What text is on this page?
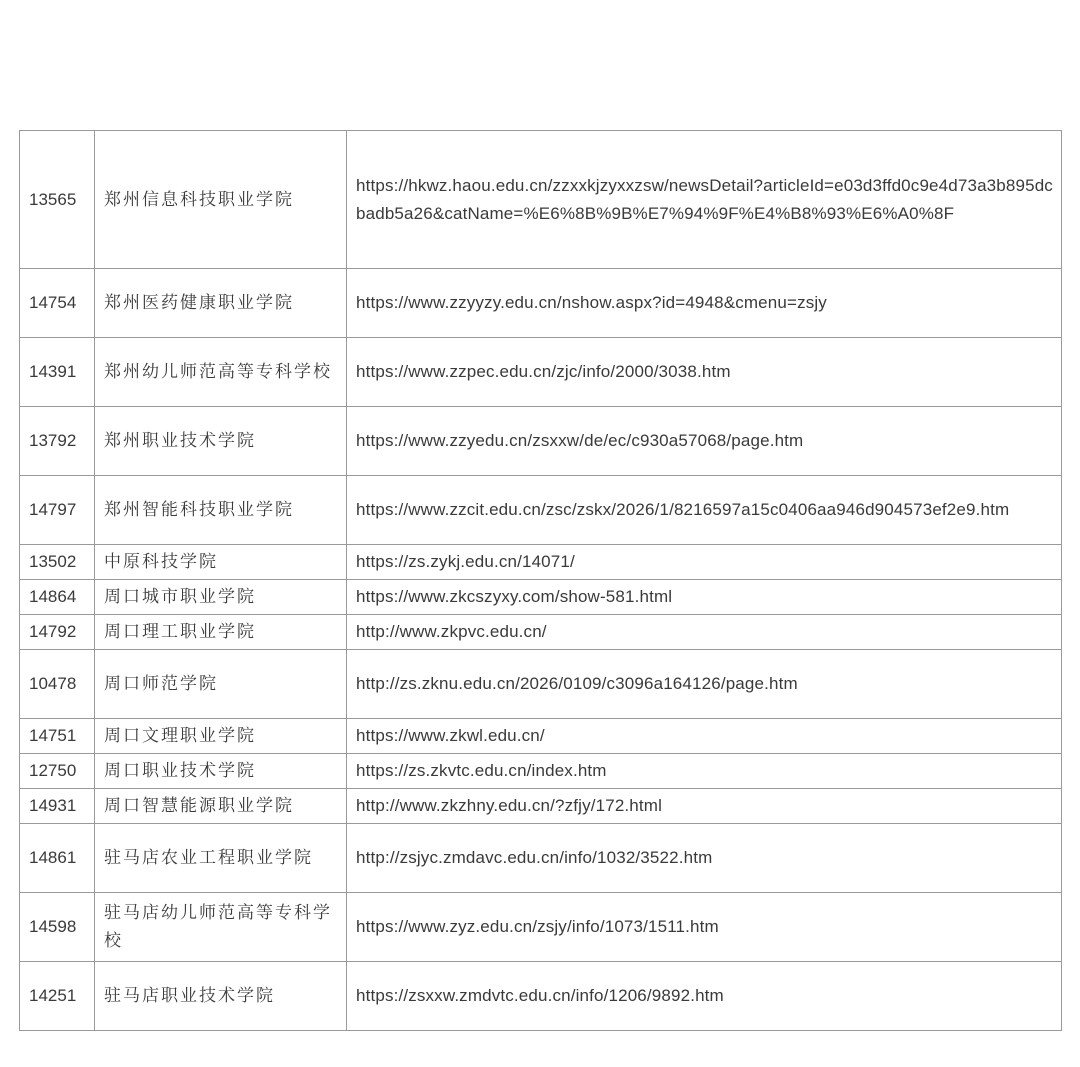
13565	郑州信息科技职业学院	https://hkwz.haou.edu.cn/zzxxkjzyxxzsw/newsDetail?articleId=e03d3ffd0c9e4d73a3b895dcbadb5a26&catName=%E6%8B%9B%E7%94%9F%E4%B8%93%E6%A0%8F
14754	郑州医药健康职业学院	https://www.zzyyzy.edu.cn/nshow.aspx?id=4948&cmenu=zsjy
14391	郑州幼儿师范高等专科学校	https://www.zzpec.edu.cn/zjc/info/2000/3038.htm
13792	郑州职业技术学院	https://www.zzyedu.cn/zsxxw/de/ec/c930a57068/page.htm
14797	郑州智能科技职业学院	https://www.zzcit.edu.cn/zsc/zskx/2026/1/8216597a15c0406aa946d904573ef2e9.htm
13502	中原科技学院	https://zs.zykj.edu.cn/14071/
14864	周口城市职业学院	https://www.zkcszyxy.com/show-581.html
14792	周口理工职业学院	http://www.zkpvc.edu.cn/
10478	周口师范学院	http://zs.zknu.edu.cn/2026/0109/c3096a164126/page.htm
14751	周口文理职业学院	https://www.zkwl.edu.cn/
12750	周口职业技术学院	https://zs.zkvtc.edu.cn/index.htm
14931	周口智慧能源职业学院	http://www.zkzhny.edu.cn/?zfjy/172.html
14861	驻马店农业工程职业学院	http://zsjyc.zmdavc.edu.cn/info/1032/3522.htm
14598	驻马店幼儿师范高等专科学校	https://www.zyz.edu.cn/zsjy/info/1073/1511.htm
14251	驻马店职业技术学院	https://zsxxw.zmdvtc.edu.cn/info/1206/9892.htm
